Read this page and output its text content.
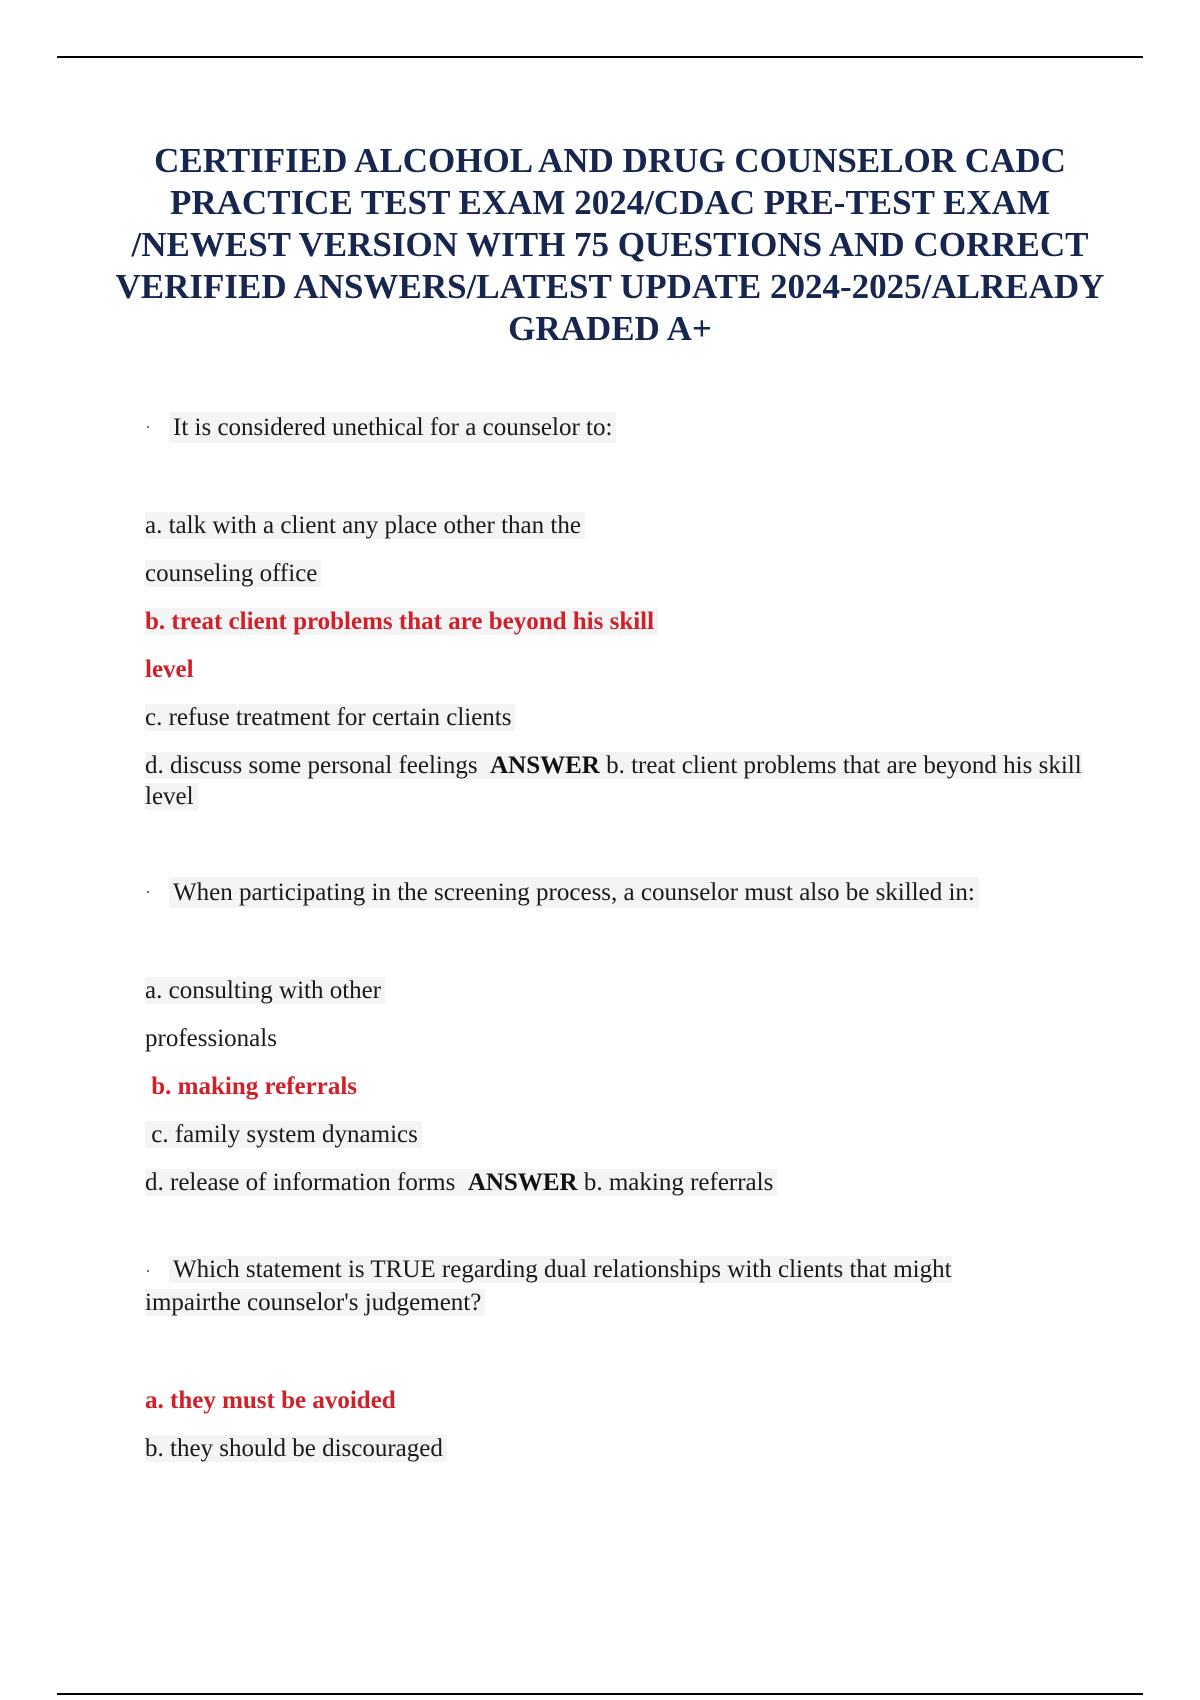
CERTIFIED ALCOHOL AND DRUG COUNSELOR CADC PRACTICE TEST EXAM 2024/CDAC PRE-TEST EXAM /NEWEST VERSION WITH 75 QUESTIONS AND CORRECT VERIFIED ANSWERS/LATEST UPDATE 2024-2025/ALREADY GRADED A+

· It is considered unethical for a counselor to:

a. talk with a client any place other than the

counseling office

b. treat client problems that are beyond his skill

level

c. refuse treatment for certain clients

d. discuss some personal feelings ANSWER b. treat client problems that are beyond his skill level

· When participating in the screening process, a counselor must also be skilled in:

a. consulting with other

professionals

b. making referrals

c. family system dynamics

d. release of information forms ANSWER b. making referrals

· Which statement is TRUE regarding dual relationships with clients that might impairthe counselor's judgement?

a. they must be avoided

b. they should be discouraged
